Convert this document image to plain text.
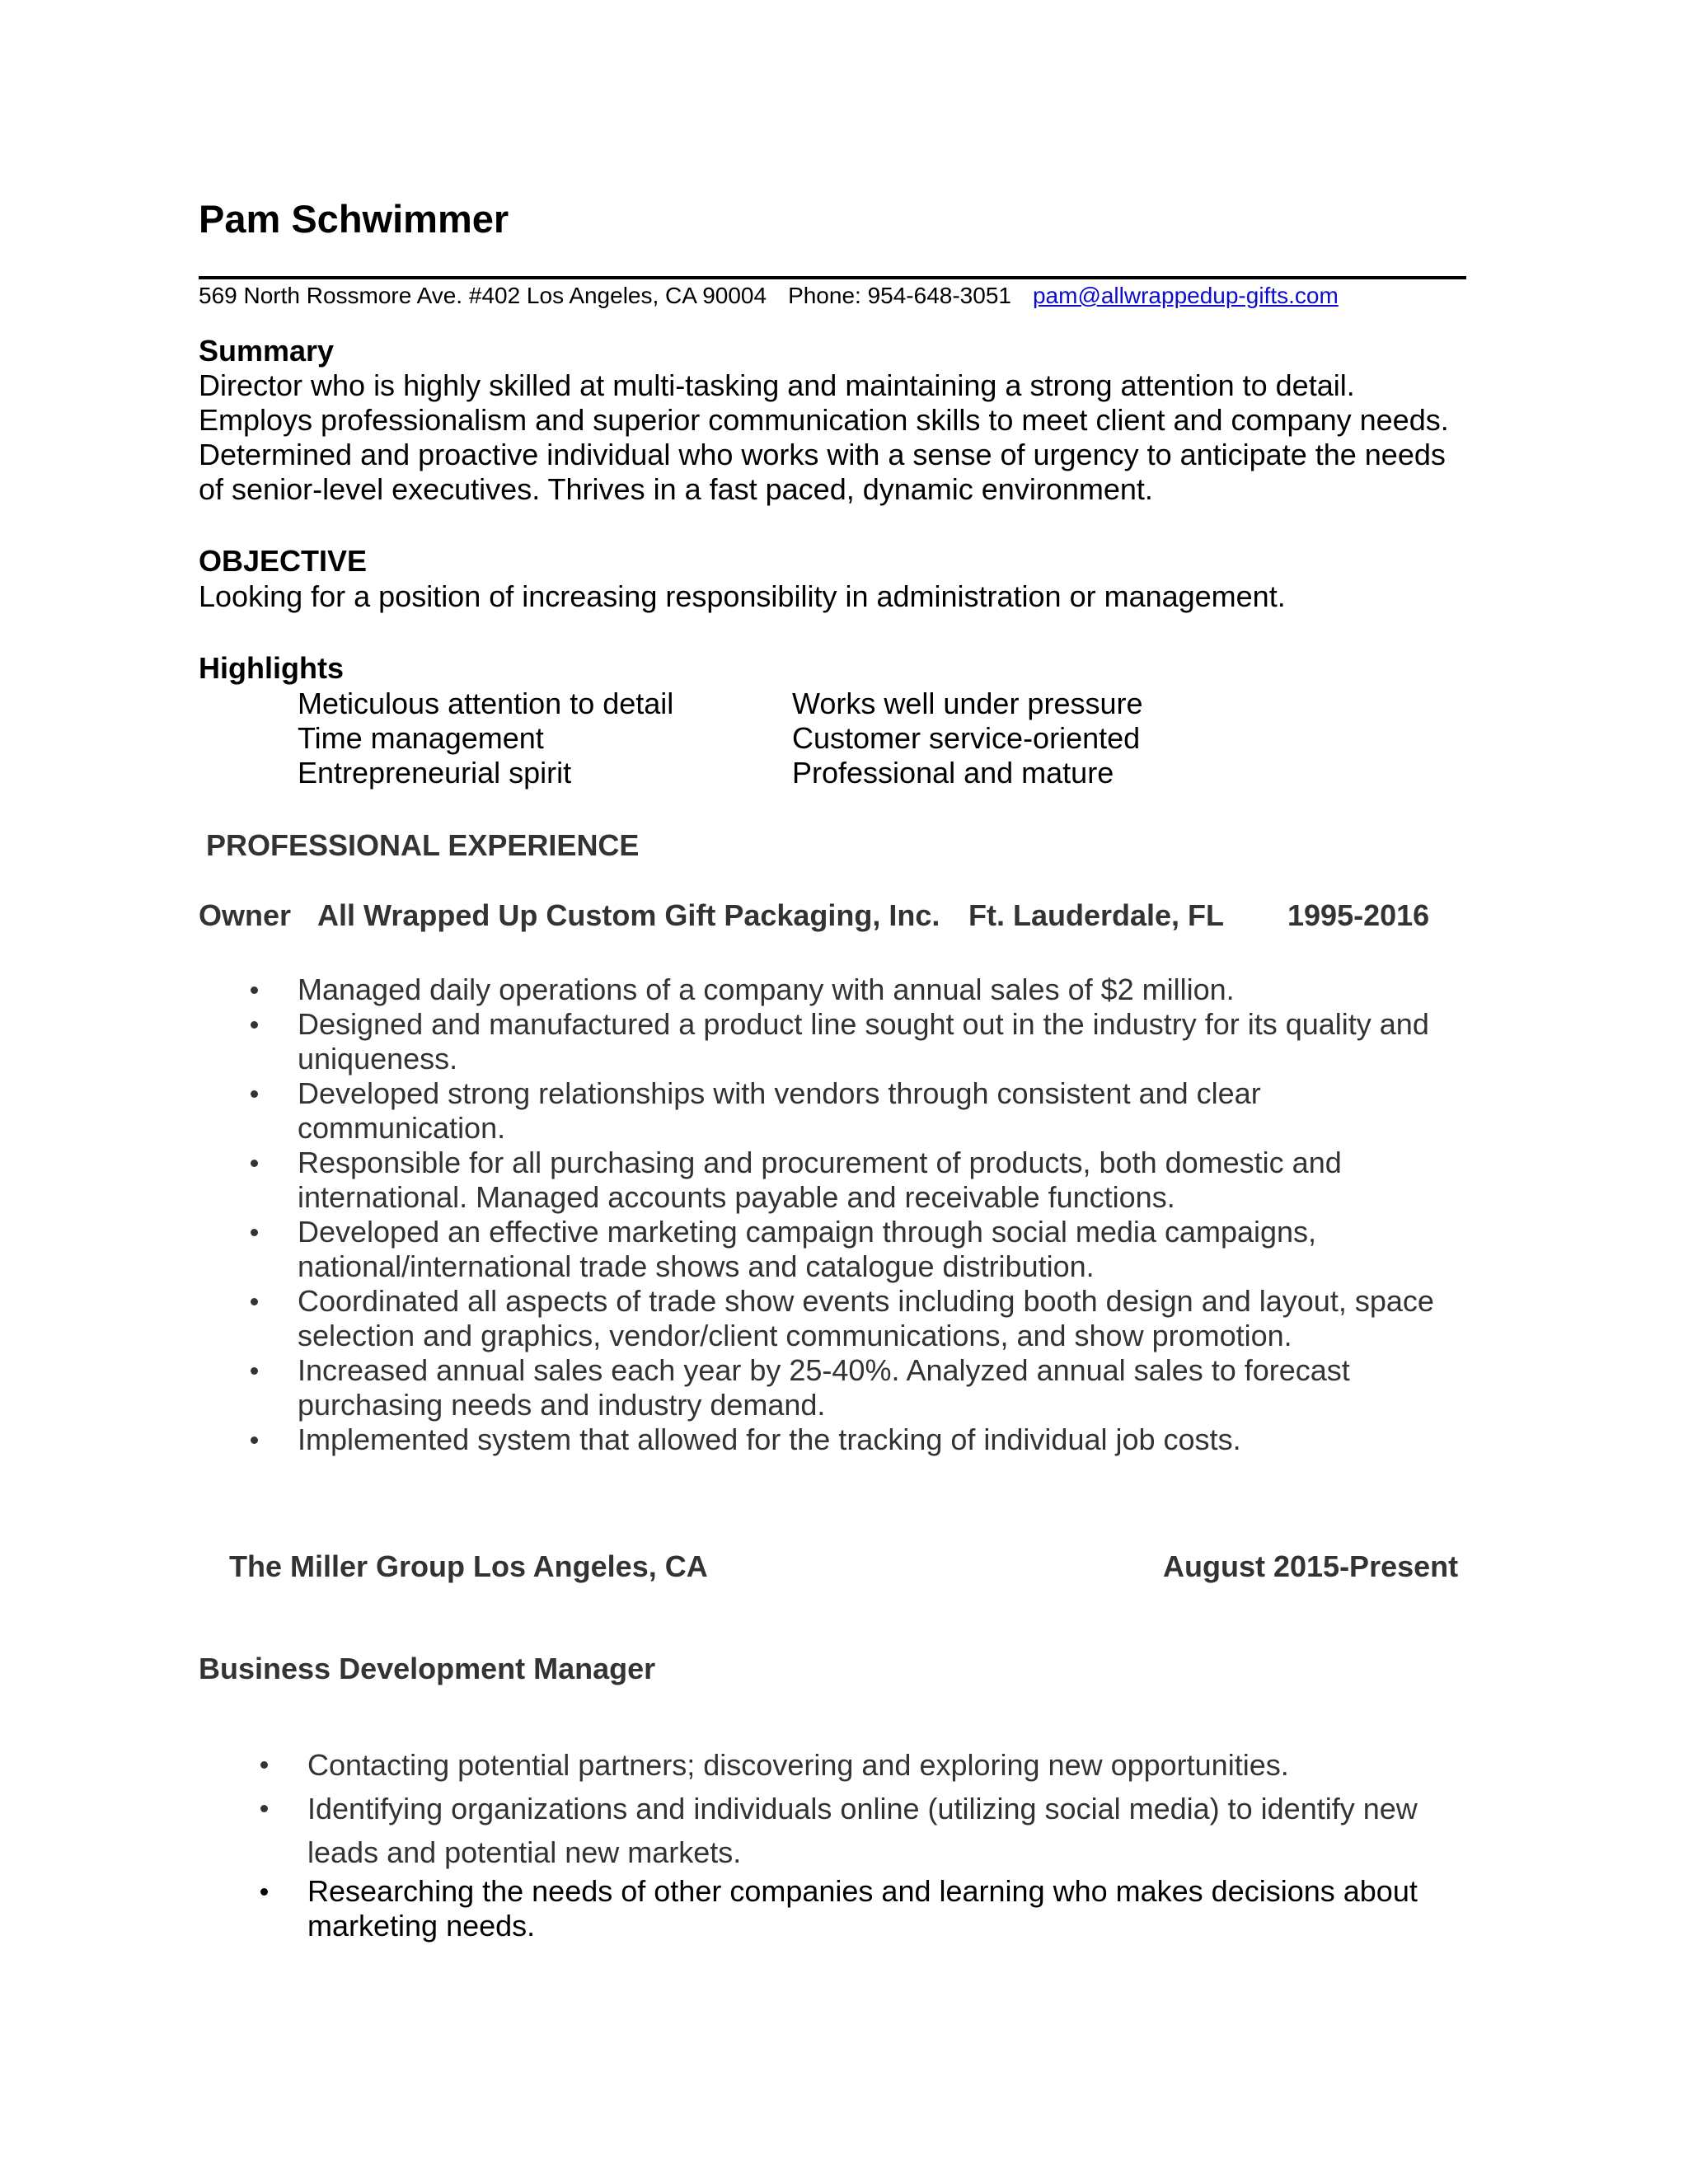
Pam Schwimmer
569 North Rossmore Ave. #402 Los Angeles, CA 90004 Phone: 954-648-3051 pam@allwrappedup-gifts.com
Summary
Director who is highly skilled at multi-tasking and maintaining a strong attention to detail.
Employs professionalism and superior communication skills to meet client and company needs.
Determined and proactive individual who works with a sense of urgency to anticipate the needs
of senior-level executives. Thrives in a fast paced, dynamic environment.
OBJECTIVE
Looking for a position of increasing responsibility in administration or management.
Highlights
Meticulous attention to detail
Time management
Entrepreneurial spirit
Works well under pressure
Customer service-oriented
Professional and mature
PROFESSIONAL EXPERIENCE
Owner All Wrapped Up Custom Gift Packaging, Inc. Ft. Lauderdale, FL 1995-2016
Managed daily operations of a company with annual sales of $2 million.
Designed and manufactured a product line sought out in the industry for its quality and uniqueness.
Developed strong relationships with vendors through consistent and clear communication.
Responsible for all purchasing and procurement of products, both domestic and international. Managed accounts payable and receivable functions.
Developed an effective marketing campaign through social media campaigns, national/international trade shows and catalogue distribution.
Coordinated all aspects of trade show events including booth design and layout, space selection and graphics, vendor/client communications, and show promotion.
Increased annual sales each year by 25-40%. Analyzed annual sales to forecast purchasing needs and industry demand.
Implemented system that allowed for the tracking of individual job costs.
The Miller Group Los Angeles, CA	August 2015-Present
Business Development Manager
Contacting potential partners; discovering and exploring new opportunities.
Identifying organizations and individuals online (utilizing social media) to identify new leads and potential new markets.
Researching the needs of other companies and learning who makes decisions about marketing needs.
